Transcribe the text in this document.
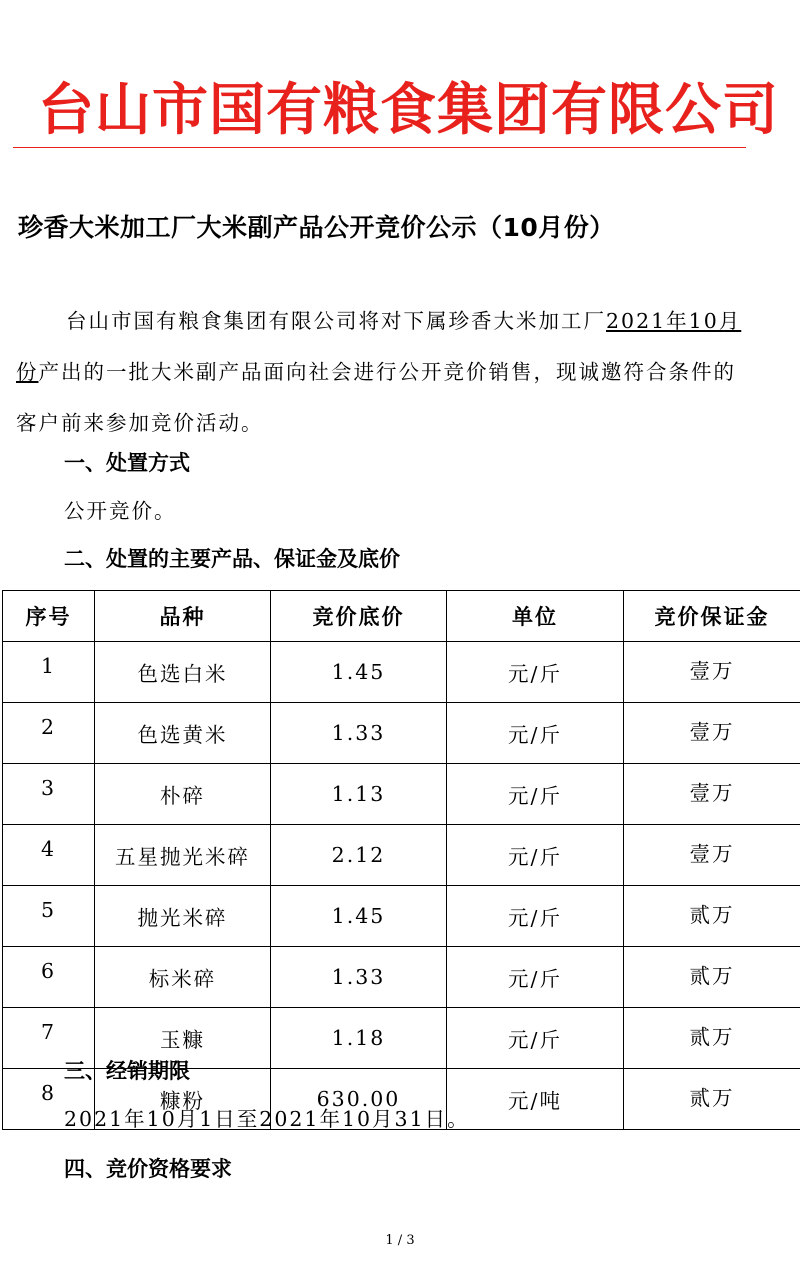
台山市国有粮食集团有限公司
珍香大米加工厂大米副产品公开竞价公示（10月份）

台山市国有粮食集团有限公司将对下属珍香大米加工厂2021年10月份产出的一批大米副产品面向社会进行公开竞价销售，现诚邀符合条件的客户前来参加竞价活动。

一、处置方式
公开竞价。
二、处置的主要产品、保证金及底价
序号	品种	竞价底价	单位	竞价保证金
1	色选白米	1.45	元/斤	壹万
2	色选黄米	1.33	元/斤	壹万
3	朴碎	1.13	元/斤	壹万
4	五星抛光米碎	2.12	元/斤	壹万
5	抛光米碎	1.45	元/斤	贰万
6	标米碎	1.33	元/斤	贰万
7	玉糠	1.18	元/斤	贰万
8	糠粉	630.00	元/吨	贰万
三、经销期限
2021年10月1日至2021年10月31日。
四、竞价资格要求
1 / 3
